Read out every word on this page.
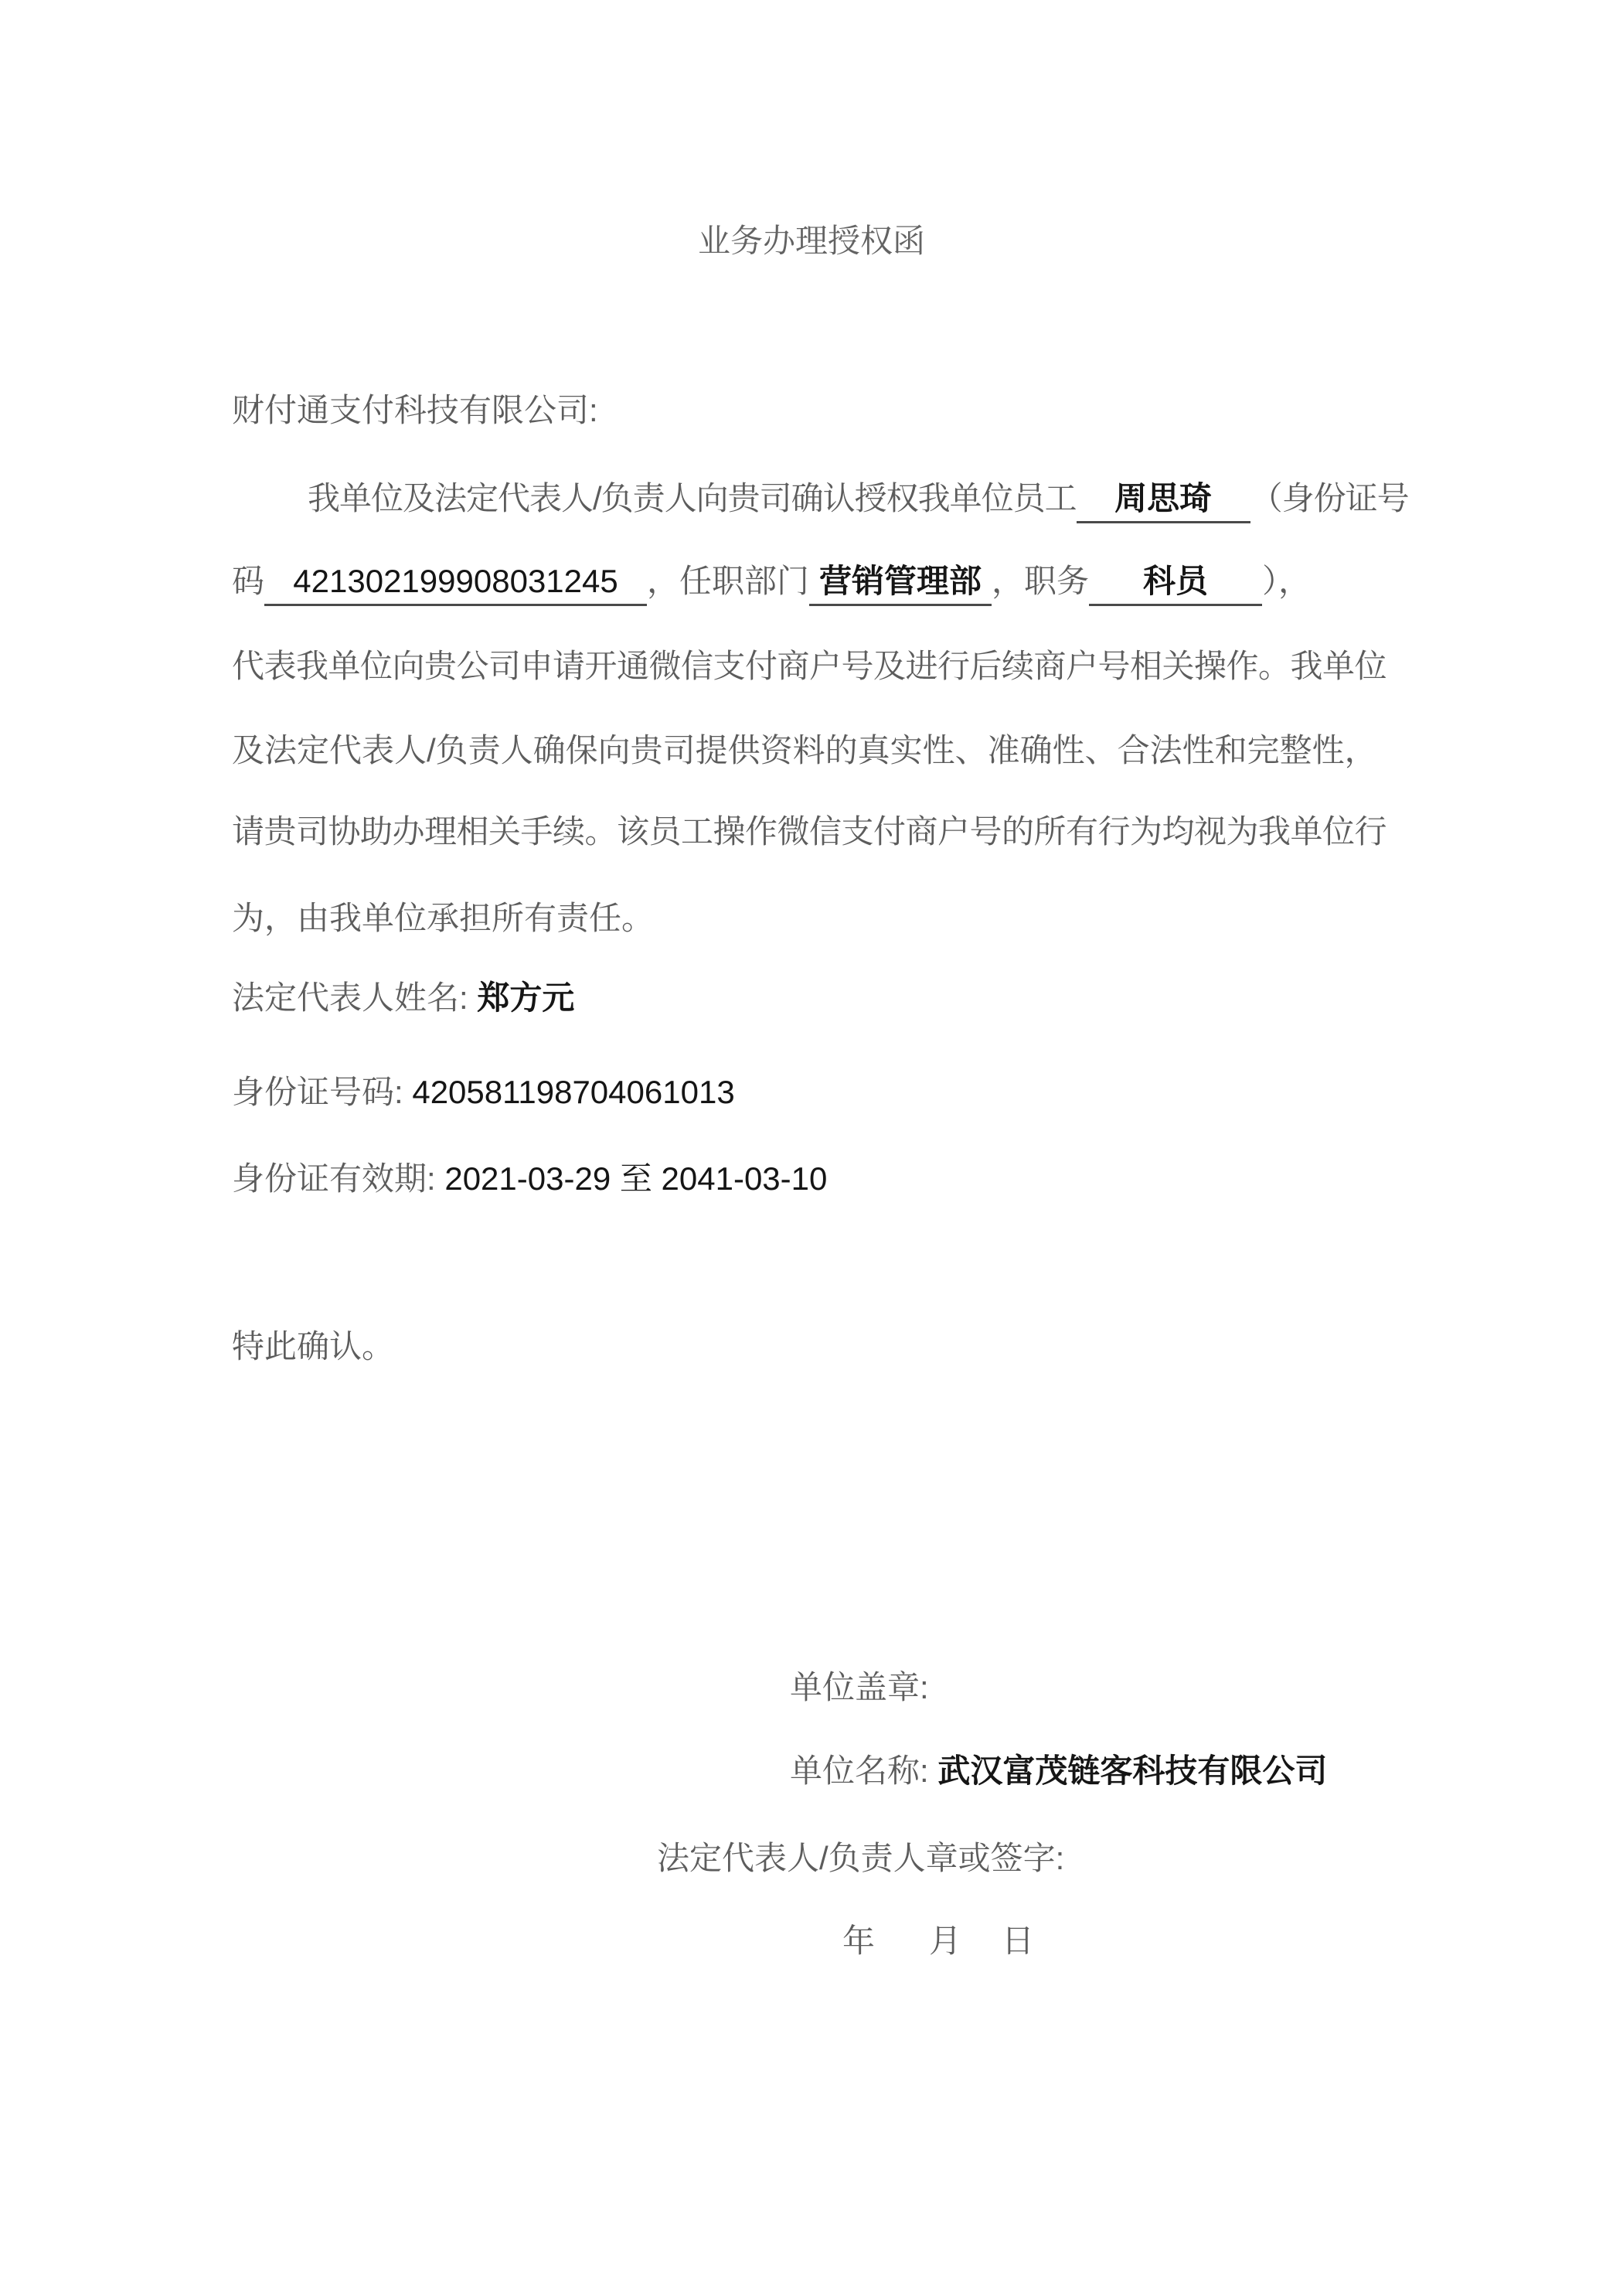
业务办理授权函
财付通支付科技有限公司:
我单位及法定代表人/负责人向贵司确认授权我单位员工 周思琦 （身份证号
码 421302199908031245 ，任职部门 营销管理部 ，职务 科员 ），
代表我单位向贵公司申请开通微信支付商户号及进行后续商户号相关操作。我单位
及法定代表人/负责人确保向贵司提供资料的真实性、准确性、合法性和完整性，
请贵司协助办理相关手续。该员工操作微信支付商户号的所有行为均视为我单位行
为，由我单位承担所有责任。
法定代表人姓名: 郑方元
身份证号码: 420581198704061013
身份证有效期: 2021-03-29 至 2041-03-10
特此确认。
单位盖章:
单位名称: 武汉富茂链客科技有限公司
法定代表人/负责人章或签字:
年 月 日
